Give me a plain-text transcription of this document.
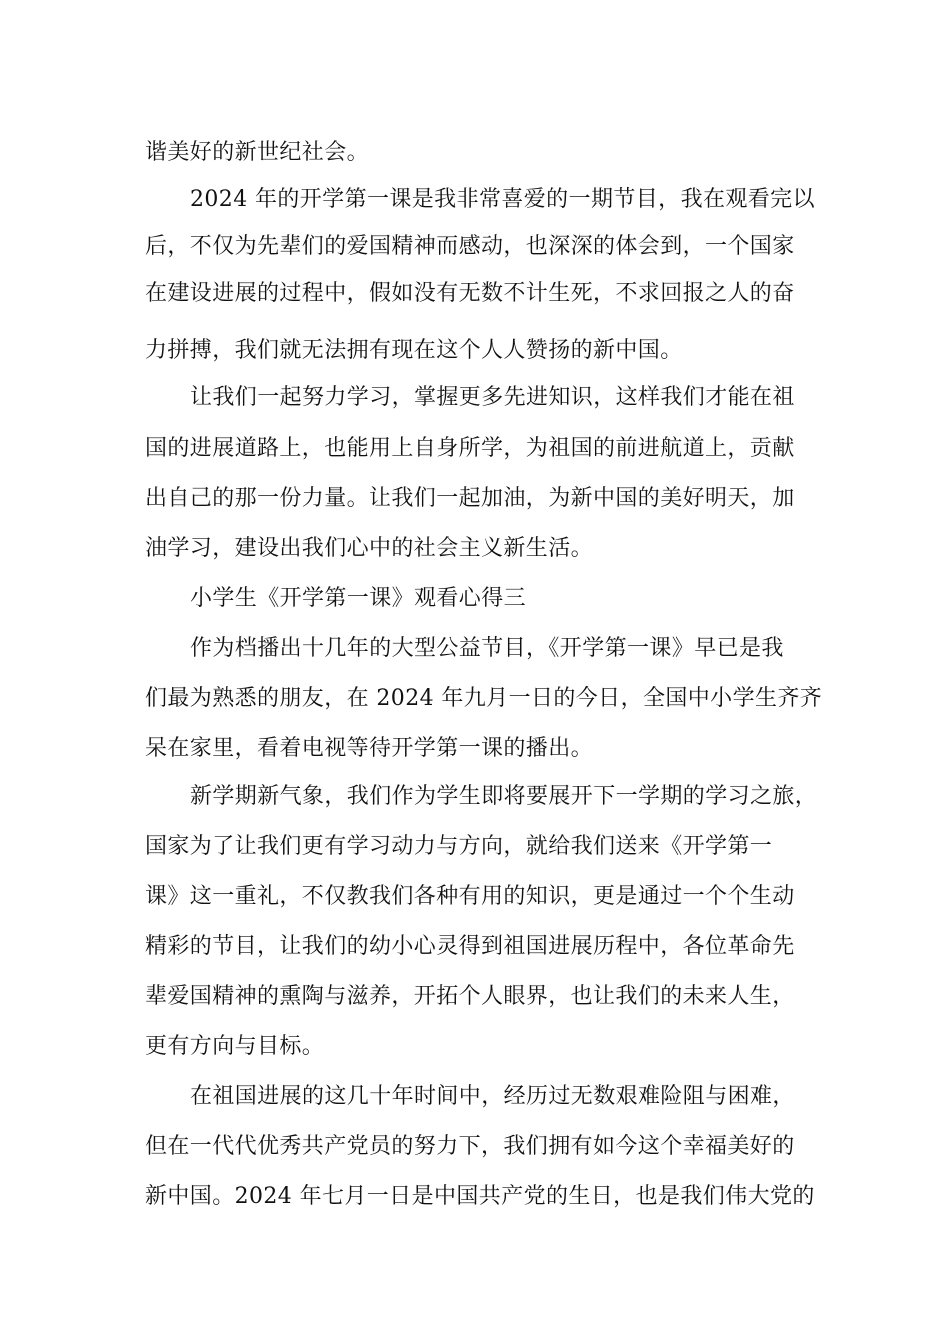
谐美好的新世纪社会。
2024 年的开学第一课是我非常喜爱的一期节目，我在观看完以
后，不仅为先辈们的爱国精神而感动，也深深的体会到，一个国家
在建设进展的过程中，假如没有无数不计生死，不求回报之人的奋
力拼搏，我们就无法拥有现在这个人人赞扬的新中国。
让我们一起努力学习，掌握更多先进知识，这样我们才能在祖
国的进展道路上，也能用上自身所学，为祖国的前进航道上，贡献
出自己的那一份力量。让我们一起加油，为新中国的美好明天，加
油学习，建设出我们心中的社会主义新生活。
小学生《开学第一课》观看心得三
作为档播出十几年的大型公益节目，《开学第一课》早已是我
们最为熟悉的朋友，在 2024 年九月一日的今日，全国中小学生齐齐
呆在家里，看着电视等待开学第一课的播出。
新学期新气象，我们作为学生即将要展开下一学期的学习之旅，
国家为了让我们更有学习动力与方向，就给我们送来《开学第一
课》这一重礼，不仅教我们各种有用的知识，更是通过一个个生动
精彩的节目，让我们的幼小心灵得到祖国进展历程中，各位革命先
辈爱国精神的熏陶与滋养，开拓个人眼界，也让我们的未来人生，
更有方向与目标。
在祖国进展的这几十年时间中，经历过无数艰难险阻与困难，
但在一代代优秀共产党员的努力下，我们拥有如今这个幸福美好的
新中国。2024 年七月一日是中国共产党的生日，也是我们伟大党的
